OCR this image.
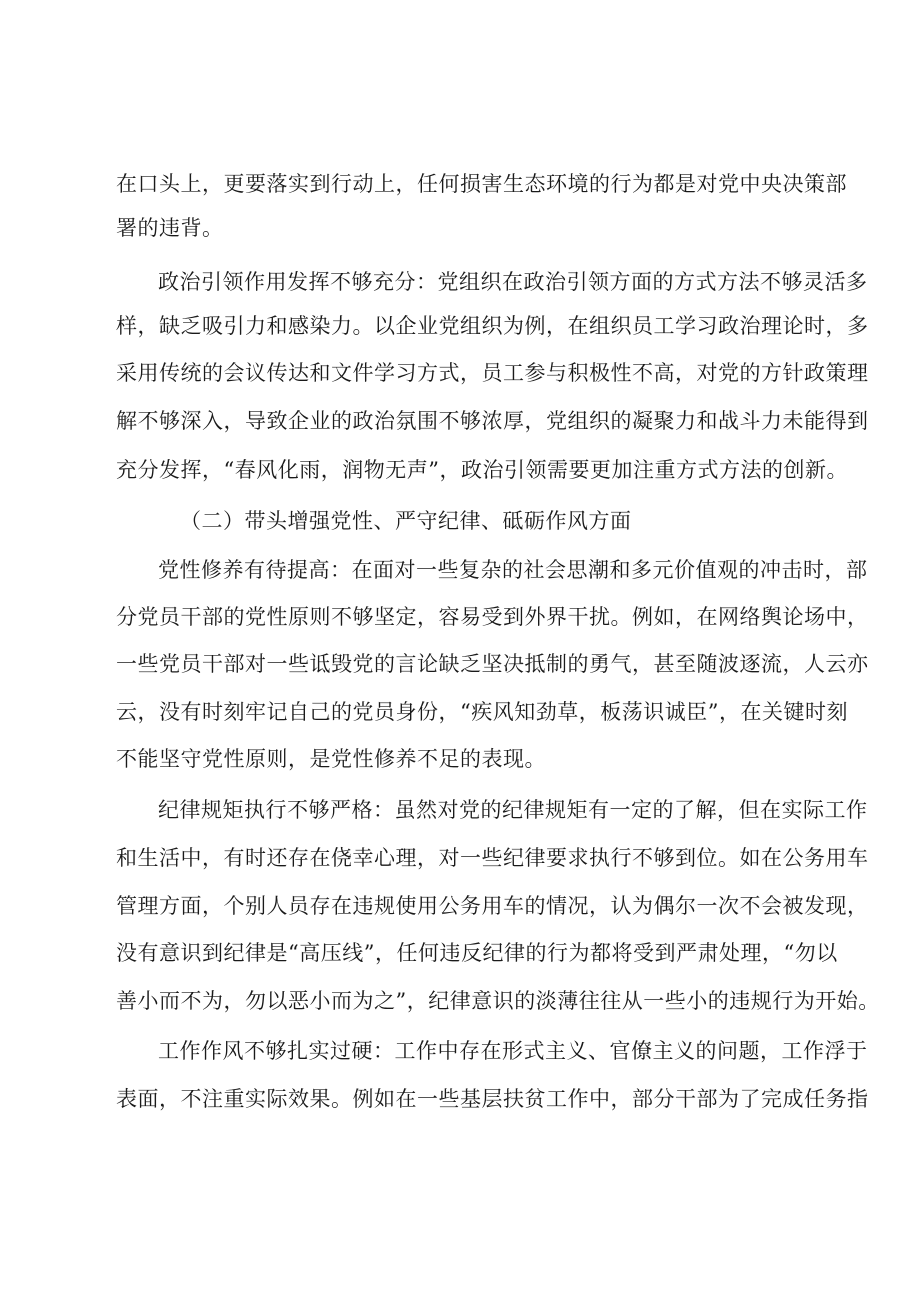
在口头上，更要落实到行动上，任何损害生态环境的行为都是对党中央决策部
署的违背。
政治引领作用发挥不够充分：党组织在政治引领方面的方式方法不够灵活多
样，缺乏吸引力和感染力。以企业党组织为例，在组织员工学习政治理论时，多
采用传统的会议传达和文件学习方式，员工参与积极性不高，对党的方针政策理
解不够深入，导致企业的政治氛围不够浓厚，党组织的凝聚力和战斗力未能得到
充分发挥，“春风化雨，润物无声”，政治引领需要更加注重方式方法的创新。
（二）带头增强党性、严守纪律、砥砺作风方面
党性修养有待提高：在面对一些复杂的社会思潮和多元价值观的冲击时，部
分党员干部的党性原则不够坚定，容易受到外界干扰。例如，在网络舆论场中，
一些党员干部对一些诋毁党的言论缺乏坚决抵制的勇气，甚至随波逐流，人云亦
云，没有时刻牢记自己的党员身份，“疾风知劲草，板荡识诚臣”，在关键时刻
不能坚守党性原则，是党性修养不足的表现。
纪律规矩执行不够严格：虽然对党的纪律规矩有一定的了解，但在实际工作
和生活中，有时还存在侥幸心理，对一些纪律要求执行不够到位。如在公务用车
管理方面，个别人员存在违规使用公务用车的情况，认为偶尔一次不会被发现，
没有意识到纪律是“高压线”，任何违反纪律的行为都将受到严肃处理，“勿以
善小而不为，勿以恶小而为之”，纪律意识的淡薄往往从一些小的违规行为开始。
工作作风不够扎实过硬：工作中存在形式主义、官僚主义的问题，工作浮于
表面，不注重实际效果。例如在一些基层扶贫工作中，部分干部为了完成任务指
